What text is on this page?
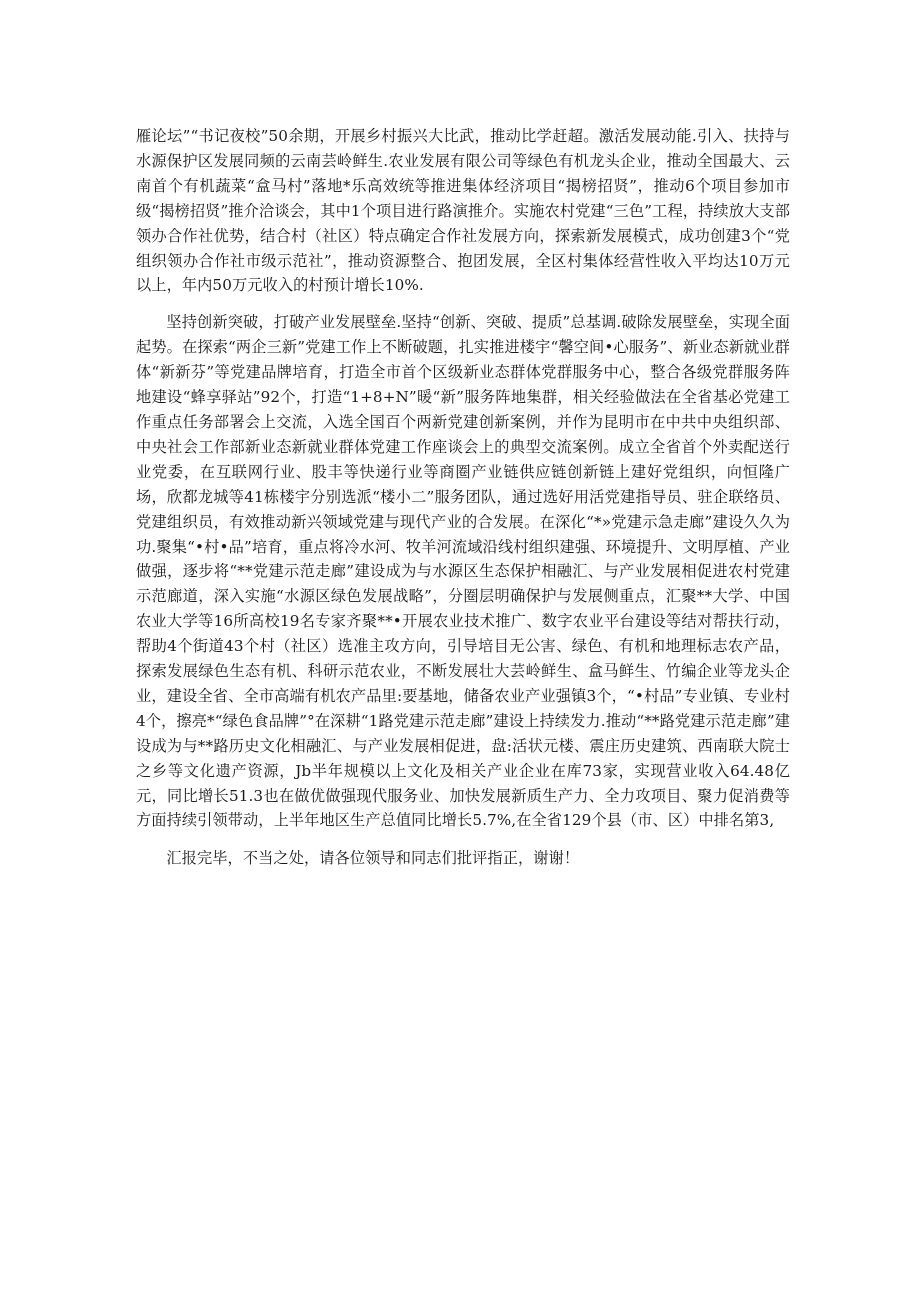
雁论坛”“书记夜校”50余期，开展乡村振兴大比武，推动比学赶超。激活发展动能.引入、扶持与水源保护区发展同频的云南芸岭鲜生.农业发展有限公司等绿色有机龙头企业，推动全国最大、云南首个有机蔬菜“盒马村”落地*乐高效统等推进集体经济项目“揭榜招贤”，推动6个项目参加市级“揭榜招贤”推介洽谈会，其中1个项目进行路演推介。实施农村党建“三色”工程，持续放大支部领办合作社优势，结合村（社区）特点确定合作社发展方向，探索新发展模式，成功创建3个“党组织领办合作社市级示范社”，推动资源整合、抱团发展，全区村集体经营性收入平均达10万元以上，年内50万元收入的村预计增长10%.

坚持创新突破，打破产业发展壁垒.坚持“创新、突破、提质”总基调.破除发展壁垒，实现全面起势。在探索“两企三新”党建工作上不断破题，扎实推进楼宇“馨空间•心服务”、新业态新就业群体“新新芬”等党建品牌培育，打造全市首个区级新业态群体党群服务中心，整合各级党群服务阵地建设“蜂享驿站”92个，打造“1+8+N”暖“新”服务阵地集群，相关经验做法在全省基必党建工作重点任务部署会上交流，入选全国百个两新党建创新案例，并作为昆明市在中共中央组织部、中央社会工作部新业态新就业群体党建工作座谈会上的典型交流案例。成立全省首个外卖配送行业党委，在互联网行业、股丰等快递行业等商圈产业链供应链创新链上建好党组织，向恒隆广场，欣都龙城等41栋楼宇分别选派“楼小二”服务团队，通过选好用活党建指导员、驻企联络员、党建组织员，有效推动新兴领域党建与现代产业的合发展。在深化“*»党建示急走廊”建设久久为功.聚集“•村•品”培育，重点将冷水河、牧羊河流域沿线村组织建强、环境提升、文明厚植、产业做强，逐步将“**党建示范走廊”建设成为与水源区生态保护相融汇、与产业发展相促进农村党建示范廊道，深入实施“水源区绿色发展战略”，分圈层明确保护与发展侧重点，汇聚**大学、中国农业大学等16所高校19名专家齐聚**•开展农业技术推广、数字农业平台建设等结对帮扶行动，帮助4个街道43个村（社区）选准主攻方向，引导培目无公害、绿色、有机和地理标志农产品，探索发展绿色生态有机、科研示范农业，不断发展壮大芸岭鲜生、盒马鲜生、竹编企业等龙头企业，建设全省、全市高端有机农产品里:要基地，储备农业产业强镇3个，“•村品”专业镇、专业村4个，擦亮*“绿色食品牌”°在深耕“1路党建示范走廊”建设上持续发力.推动“**路党建示范走廊”建设成为与**路历史文化相融汇、与产业发展相促进，盘:活状元楼、震庄历史建筑、西南联大院士之乡等文化遗产资源，Jb半年规模以上文化及相关产业企业在库73家，实现营业收入64.48亿元，同比增长51.3也在做优做强现代服务业、加快发展新质生产力、全力攻项目、聚力促消费等方面持续引领带动，上半年地区生产总值同比增长5.7%,在全省129个县（市、区）中排名第3,

汇报完毕，不当之处，请各位领导和同志们批评指正，谢谢！
